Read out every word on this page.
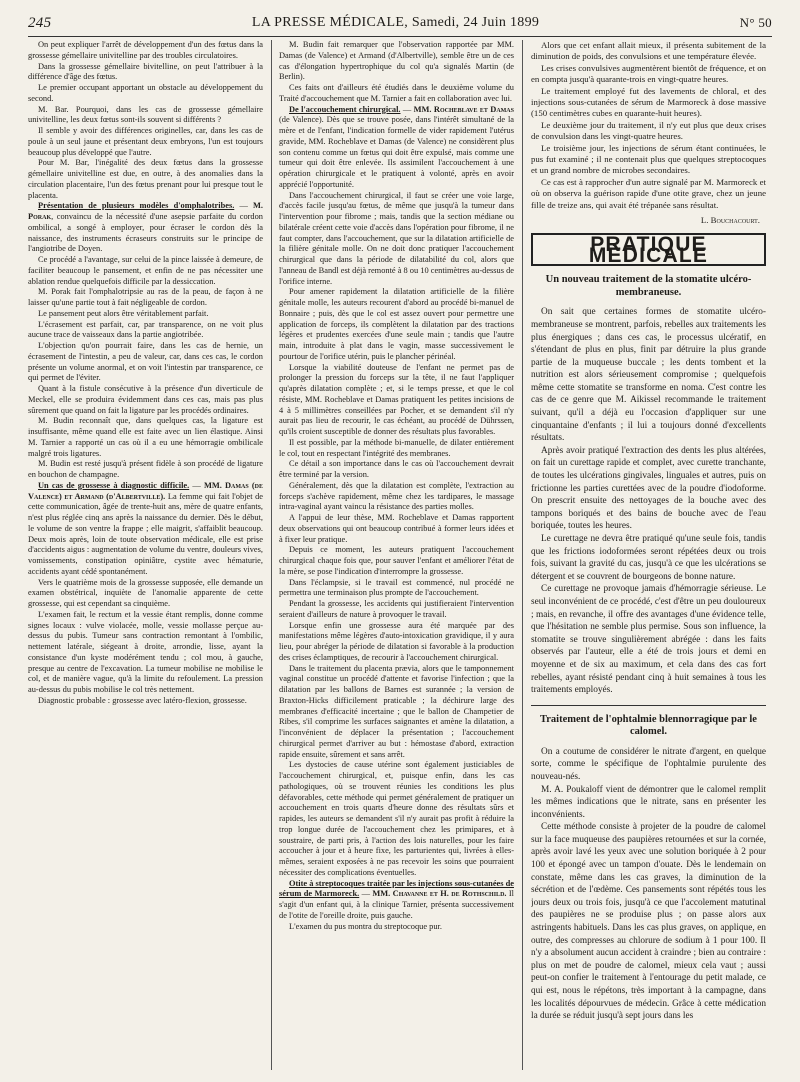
245	LA PRESSE MÉDICALE, Samedi, 24 Juin 1899	N° 50

On peut expliquer l'arrêt de développement d'un des fœtus dans la grossesse gémellaire univitelline par des troubles circulatoires.

Dans la grossesse gémellaire bivitelline, on peut l'attribuer à la différence d'âge des fœtus.

Le premier occupant apportant un obstacle au développement du second.

M. Bar. Pourquoi, dans les cas de grossesse gémellaire univitelline, les deux fœtus sont-ils souvent si différents ?

Il semble y avoir des différences originelles, car, dans les cas de poule à un seul jaune et présentant deux embryons, l'un est toujours beaucoup plus développé que l'autre.

Pour M. Bar, l'inégalité des deux fœtus dans la grossesse gémellaire univitelline est due, en outre, à des anomalies dans la circulation placentaire, l'un des fœtus prenant pour lui presque tout le placenta.

Présentation de plusieurs modèles d'omphalotribes. — M. Porak, convaincu de la nécessité d'une asepsie parfaite du cordon ombilical, a songé à employer, pour écraser le cordon dès la naissance, des instruments écraseurs construits sur le principe de l'angiotribe de Doyen.

Ce procédé a l'avantage, sur celui de la pince laissée à demeure, de faciliter beaucoup le pansement, et enfin de ne pas nécessiter une ablation rendue quelquefois difficile par la dessiccation.

M. Porak fait l'omphalotripsie au ras de la peau, de façon à ne laisser qu'une partie tout à fait négligeable de cordon.

Le pansement peut alors être véritablement parfait.

L'écrasement est parfait, car, par transparence, on ne voit plus aucune trace de vaisseaux dans la partie angiotribée.

L'objection qu'on pourrait faire, dans les cas de hernie, un écrasement de l'intestin, a peu de valeur, car, dans ces cas, le cordon présente un volume anormal, et on voit l'intestin par transparence, ce qui permet de l'éviter.

Quant à la fistule consécutive à la présence d'un diverticule de Meckel, elle se produira évidemment dans ces cas, mais pas plus sûrement que quand on fait la ligature par les procédés ordinaires.

M. Budin reconnaît que, dans quelques cas, la ligature est insuffisante, même quand elle est faite avec un lien élastique. Ainsi M. Tarnier a rapporté un cas où il a eu une hémorragie ombilicale malgré trois ligatures.

M. Budin est resté jusqu'à présent fidèle à son procédé de ligature en bouchon de champagne.

Un cas de grossesse à diagnostic difficile. — MM. Damas (de Valence) et Armand (d'Albertville). La femme qui fait l'objet de cette communication, âgée de trente-huit ans, mère de quatre enfants, n'est plus réglée cinq ans après la naissance du dernier. Dès le début, le volume de son ventre la frappe ; elle maigrit, s'affaiblit beaucoup. Deux mois après, loin de toute observation médicale, elle est prise d'accidents aigus : augmentation de volume du ventre, douleurs vives, vomissements, constipation opiniâtre, cystite avec hématurie, accidents ayant cédé spontanément.

Vers le quatrième mois de la grossesse supposée, elle demande un examen obstétrical, inquiète de l'anomalie apparente de cette grossesse, qui est cependant sa cinquième.

L'examen fait, le rectum et la vessie étant remplis, donne comme signes locaux : vulve violacée, molle, vessie mollasse perçue au-dessus du pubis. Tumeur sans contraction remontant à l'ombilic, nettement latérale, siégeant à droite, arrondie, lisse, ayant la consistance d'un kyste modérément tendu ; col mou, à gauche, presque au centre de l'excavation. La tumeur mobilise ne mobilise le col, et de manière vague, qu'à la limite du refoulement. La pression au-dessus du pubis mobilise le col très nettement.

Diagnostic probable : grossesse avec latéro-flexion, grossesse.

M. Budin fait remarquer que l'observation rapportée par MM. Damas (de Valence) et Armand (d'Albertville), semble être un de ces cas d'élongation hypertrophique du col qu'a signalés Martin (de Berlin).

Ces faits ont d'ailleurs été étudiés dans le deuxième volume du Traité d'accouchement que M. Tarnier a fait en collaboration avec lui.

De l'accouchement chirurgical. — MM. Rocheblave et Damas (de Valence). Dès que se trouve posée, dans l'intérêt simultané de la mère et de l'enfant, l'indication formelle de vider rapidement l'utérus gravide, MM. Rocheblave et Damas (de Valence) ne considèrent plus son contenu comme un fœtus qui doit être expulsé, mais comme une tumeur qui doit être enlevée. Ils assimilent l'accouchement à une opération chirurgicale et le pratiquent à volonté, après en avoir apprécié l'opportunité.

Dans l'accouchement chirurgical, il faut se créer une voie large, d'accès facile jusqu'au fœtus, de même que jusqu'à la tumeur dans l'intervention pour fibrome ; mais, tandis que la section médiane ou bilatérale créent cette voie d'accès dans l'opération pour fibrome, il ne faut compter, dans l'accouchement, que sur la dilatation artificielle de la filière génitale molle. On ne doit donc pratiquer l'accouchement chirurgical que dans la période de dilatabilité du col, alors que l'anneau de Bandl est déjà remonté à 8 ou 10 centimètres au-dessus de l'orifice interne.

Pour amener rapidement la dilatation artificielle de la filière génitale molle, les auteurs recourent d'abord au procédé bi-manuel de Bonnaire ; puis, dès que le col est assez ouvert pour permettre une application de forceps, ils complètent la dilatation par des tractions légères et prudentes exercées d'une seule main ; tandis que l'autre main, introduite à plat dans le vagin, masse successivement le pourtour de l'orifice utérin, puis le plancher périnéal.

Lorsque la viabilité douteuse de l'enfant ne permet pas de prolonger la pression du forceps sur la tête, il ne faut l'appliquer qu'après dilatation complète ; et, si le temps presse, et que le col résiste, MM. Rocheblave et Damas pratiquent les petites incisions de 4 à 5 millimètres conseillées par Pocher, et se demandent s'il n'y aurait pas lieu de recourir, le cas échéant, au procédé de Dührssen, qu'ils croient susceptible de donner des résultats plus favorables.

Il est possible, par la méthode bi-manuelle, de dilater entièrement le col, tout en respectant l'intégrité des membranes.

Ce détail a son importance dans le cas où l'accouchement devrait être terminé par la version.

Généralement, dès que la dilatation est complète, l'extraction au forceps s'achève rapidement, même chez les tardipares, le massage intra-vaginal ayant vaincu la résistance des parties molles.

A l'appui de leur thèse, MM. Rocheblave et Damas rapportent deux observations qui ont beaucoup contribué à former leurs idées et à fixer leur pratique.

Depuis ce moment, les auteurs pratiquent l'accouchement chirurgical chaque fois que, pour sauver l'enfant et améliorer l'état de la mère, se pose l'indication d'interrompre la grossesse.

Dans l'éclampsie, si le travail est commencé, nul procédé ne permettra une terminaison plus prompte de l'accouchement.

Pendant la grossesse, les accidents qui justifieraient l'intervention seraient d'ailleurs de nature à provoquer le travail.

Lorsque enfin une grossesse aura été marquée par des manifestations même légères d'auto-intoxication gravidique, il y aura lieu, pour abréger la période de dilatation si favorable à la production des crises éclamptiques, de recourir à l'accouchement chirurgical.

Dans le traitement du placenta prævia, alors que le tamponnement vaginal constitue un procédé d'attente et favorise l'infection ; que la dilatation par les ballons de Barnes est surannée ; la version de Braxton-Hicks difficilement praticable ; la déchirure large des membranes d'efficacité incertaine ; que le ballon de Champetier de Ribes, s'il comprime les surfaces saignantes et amène la dilatation, a l'inconvénient de déplacer la présentation ; l'accouchement chirurgical permet d'arriver au but : hémostase d'abord, extraction rapide ensuite, sûrement et sans arrêt.

Les dystocies de cause utérine sont également justiciables de l'accouchement chirurgical, et, puisque enfin, dans les cas pathologiques, où se trouvent réunies les conditions les plus défavorables, cette méthode qui permet généralement de pratiquer un accouchement en trois quarts d'heure donne des résultats sûrs et rapides, les auteurs se demandent s'il n'y aurait pas profit à réduire la trop longue durée de l'accouchement chez les primipares, et à soustraire, de parti pris, à l'action des lois naturelles, pour les faire accoucher à jour et à heure fixe, les parturientes qui, livrées à elles-mêmes, seraient exposées à ne pas recevoir les soins que pourraient nécessiter des complications éventuelles.

Otite à streptocoques traitée par les injections sous-cutanées de sérum de Marmoreck. — MM. Chavanne et H. de Rothschild. Il s'agit d'un enfant qui, à la clinique Tarnier, présenta successivement de l'otite de l'oreille droite, puis gauche.

L'examen du pus montra du streptocoque pur.

Alors que cet enfant allait mieux, il présenta subitement de la diminution de poids, des convulsions et une température élevée.

Les crises convulsives augmentèrent bientôt de fréquence, et on en compta jusqu'à quarante-trois en vingt-quatre heures.

Le traitement employé fut des lavements de chloral, et des injections sous-cutanées de sérum de Marmoreck à dose massive (150 centimètres cubes en quarante-huit heures).

Le deuxième jour du traitement, il n'y eut plus que deux crises de convulsion dans les vingt-quatre heures.

Le troisième jour, les injections de sérum étant continuées, le pus fut examiné ; il ne contenait plus que quelques streptocoques et un grand nombre de microbes secondaires.

Ce cas est à rapprocher d'un autre signalé par M. Marmoreck et où on observa la guérison rapide d'une otite grave, chez un jeune fille de treize ans, qui avait été trépanée sans résultat.

L. Bouchacourt.
PRATIQUE MÉDICALE
Un nouveau traitement de la stomatite ulcéro-membraneuse.

On sait que certaines formes de stomatite ulcéro-membraneuse se montrent, parfois, rebelles aux traitements les plus énergiques ; dans ces cas, le processus ulcératif, en s'étendant de plus en plus, finit par détruire la plus grande partie de la muqueuse buccale ; les dents tombent et la nutrition est alors sérieusement compromise ; quelquefois même cette stomatite se transforme en noma. C'est contre les cas de ce genre que M. Aikissel recommande le traitement suivant, qu'il a déjà eu l'occasion d'appliquer sur une cinquantaine d'enfants ; il lui a toujours donné d'excellents résultats.

Après avoir pratiqué l'extraction des dents les plus altérées, on fait un curettage rapide et complet, avec curette tranchante, de toutes les ulcérations gingivales, linguales et autres, puis on frictionne les parties curettées avec de la poudre d'iodoforme. On prescrit ensuite des nettoyages de la bouche avec des tampons boriqués et des bains de bouche avec de l'eau boriquée, toutes les heures.

Le curettage ne devra être pratiqué qu'une seule fois, tandis que les frictions iodoformées seront répétées deux ou trois fois, suivant la gravité du cas, jusqu'à ce que les ulcérations se détergent et se couvrent de bourgeons de bonne nature.

Ce curettage ne provoque jamais d'hémorragie sérieuse. Le seul inconvénient de ce procédé, c'est d'être un peu douloureux ; mais, en revanche, il offre des avantages d'une évidence telle, que l'hésitation ne semble plus permise. Sous son influence, la stomatite se trouve singulièrement abrégée : dans les faits observés par l'auteur, elle a été de trois jours et demi en moyenne et de six au maximum, et cela dans des cas fort rebelles, ayant résisté pendant cinq à huit semaines à tous les traitements employés.

Traitement de l'ophtalmie blennorragique par le calomel.

On a coutume de considérer le nitrate d'argent, en quelque sorte, comme le spécifique de l'ophtalmie purulente des nouveau-nés.

M. A. Poukaloff vient de démontrer que le calomel remplit les mêmes indications que le nitrate, sans en présenter les inconvénients.

Cette méthode consiste à projeter de la poudre de calomel sur la face muqueuse des paupières retournées et sur la cornée, après avoir lavé les yeux avec une solution boriquée à 2 pour 100 et épongé avec un tampon d'ouate. Dès le lendemain on constate, même dans les cas graves, la diminution de la sécrétion et de l'œdème. Ces pansements sont répétés tous les jours deux ou trois fois, jusqu'à ce que l'accolement matutinal des paupières ne se produise plus ; on passe alors aux astringents habituels. Dans les cas plus graves, on applique, en outre, des compresses au chlorure de sodium à 1 pour 100. Il n'y a absolument aucun accident à craindre ; bien au contraire : plus on met de poudre de calomel, mieux cela vaut ; aussi peut-on confier le traitement à l'entourage du petit malade, ce qui est, nous le répétons, très important à la campagne, dans les localités dépourvues de médecin. Grâce à cette médication la durée se réduit jusqu'à sept jours dans les
